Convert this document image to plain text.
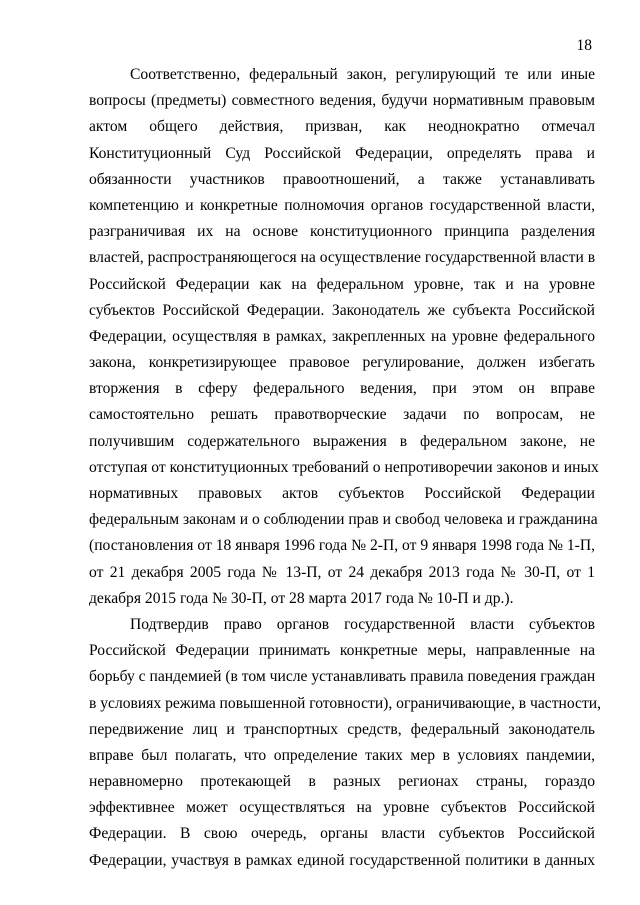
18
Соответственно, федеральный закон, регулирующий те или иные
вопросы (предметы) совместного ведения, будучи нормативным правовым
актом общего действия, призван, как неоднократно отмечал
Конституционный Суд Российской Федерации, определять права и
обязанности участников правоотношений, а также устанавливать
компетенцию и конкретные полномочия органов государственной власти,
разграничивая их на основе конституционного принципа разделения
властей, распространяющегося на осуществление государственной власти в
Российской Федерации как на федеральном уровне, так и на уровне
субъектов Российской Федерации. Законодатель же субъекта Российской
Федерации, осуществляя в рамках, закрепленных на уровне федерального
закона, конкретизирующее правовое регулирование, должен избегать
вторжения в сферу федерального ведения, при этом он вправе
самостоятельно решать правотворческие задачи по вопросам, не
получившим содержательного выражения в федеральном законе, не
отступая от конституционных требований о непротиворечии законов и иных
нормативных правовых актов субъектов Российской Федерации
федеральным законам и о соблюдении прав и свобод человека и гражданина
(постановления от 18 января 1996 года № 2-П, от 9 января 1998 года № 1-П,
от 21 декабря 2005 года № 13-П, от 24 декабря 2013 года № 30-П, от 1
декабря 2015 года № 30-П, от 28 марта 2017 года № 10-П и др.).
Подтвердив право органов государственной власти субъектов
Российской Федерации принимать конкретные меры, направленные на
борьбу с пандемией (в том числе устанавливать правила поведения граждан
в условиях режима повышенной готовности), ограничивающие, в частности,
передвижение лиц и транспортных средств, федеральный законодатель
вправе был полагать, что определение таких мер в условиях пандемии,
неравномерно протекающей в разных регионах страны, гораздо
эффективнее может осуществляться на уровне субъектов Российской
Федерации. В свою очередь, органы власти субъектов Российской
Федерации, участвуя в рамках единой государственной политики в данных
